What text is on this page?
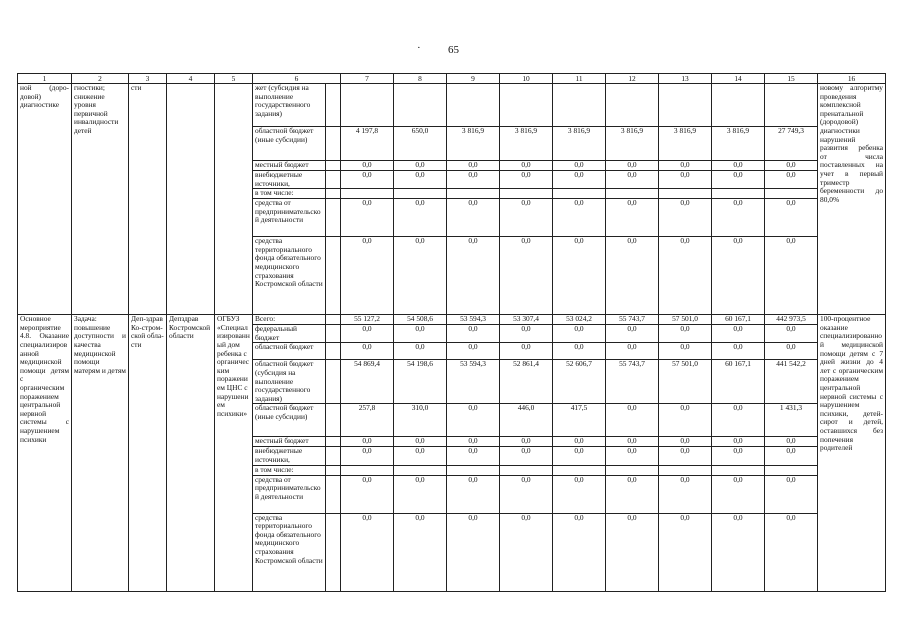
· 65
1	2	3	4	5	6		7	8	9	10	11	12	13	14	15	16
ной (доро-довой) диагностике	гностики; снижение уровня первичной инвалидности детей	сти			жет (субсидия на выполнение государственного задания)											новому алгоритму проведения комплексной пренатальной (дородовой) диагностики нарушений развития ребенка от числа поставленных на учет в первый триместр беременности до 80,0%
					областной бюджет (иные субсидии)		4 197,8	650,0	3 816,9	3 816,9	3 816,9	3 816,9	3 816,9	3 816,9	27 749,3	
					местный бюджет		0,0	0,0	0,0	0,0	0,0	0,0	0,0	0,0	0,0	
					внебюджетные источники,		0,0	0,0	0,0	0,0	0,0	0,0	0,0	0,0	0,0	
					в том числе:											
					средства от предпринимательской деятельности		0,0	0,0	0,0	0,0	0,0	0,0	0,0	0,0	0,0	
					средства территориального фонда обязательного медицинского страхования Костромской области		0,0	0,0	0,0	0,0	0,0	0,0	0,0	0,0	0,0	
Основное мероприятие 4.8. Оказание специализированной медицинской помощи детям с органическим поражением центральной нервной системы с нарушением психики	Задача: повышение доступности и качества медицинской помощи матерям и детям	Деп-здрав Ко-стром-ской обла-сти	Депздрав Костромской области	ОГБУЗ «Специализированный дом ребенка с органическим поражением ЦНС с нарушением психики»	Всего:		55 127,2	54 508,6	53 594,3	53 307,4	53 024,2	55 743,7	57 501,0	60 167,1	442 973,5	100-процентное оказание специализированной медицинской помощи детям с 7 дней жизни до 4 лет с органическим поражением центральной нервной системы с нарушением психики, детей-сирот и детей, оставшихся без попечения родителей
					федеральный бюджет		0,0	0,0	0,0	0,0	0,0	0,0	0,0	0,0	0,0	
					областной бюджет		0,0	0,0	0,0	0,0	0,0	0,0	0,0	0,0	0,0	
					областной бюджет (субсидия на выполнение государственного задания)		54 869,4	54 198,6	53 594,3	52 861,4	52 606,7	55 743,7	57 501,0	60 167,1	441 542,2	
					областной бюджет (иные субсидии)		257,8	310,0	0,0	446,0	417,5	0,0	0,0	0,0	1 431,3	
					местный бюджет		0,0	0,0	0,0	0,0	0,0	0,0	0,0	0,0	0,0	
					внебюджетные источники,		0,0	0,0	0,0	0,0	0,0	0,0	0,0	0,0	0,0	
					в том числе:											
					средства от предпринимательской деятельности		0,0	0,0	0,0	0,0	0,0	0,0	0,0	0,0	0,0	
					средства территориального фонда обязательного медицинского страхования Костромской области		0,0	0,0	0,0	0,0	0,0	0,0	0,0	0,0	0,0	
